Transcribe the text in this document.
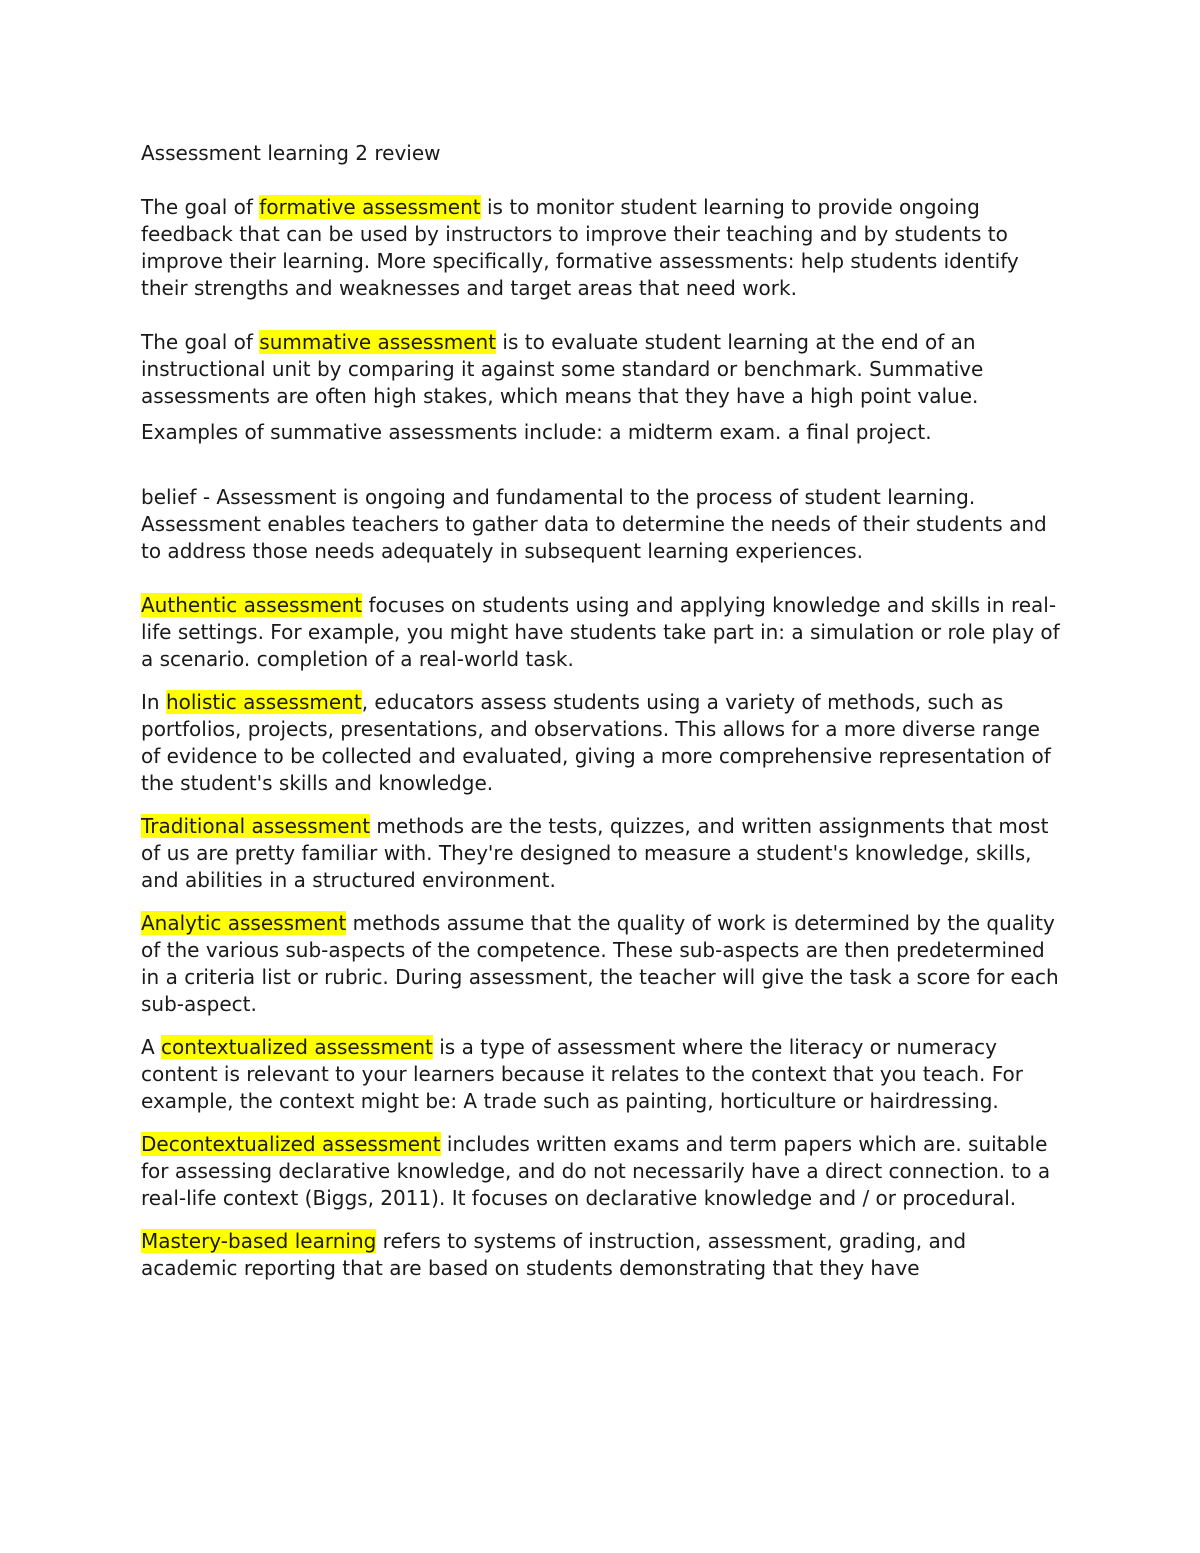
Assessment learning 2 review

The goal of formative assessment is to monitor student learning to provide ongoing feedback that can be used by instructors to improve their teaching and by students to improve their learning. More specifically, formative assessments: help students identify their strengths and weaknesses and target areas that need work.

The goal of summative assessment is to evaluate student learning at the end of an instructional unit by comparing it against some standard or benchmark. Summative assessments are often high stakes, which means that they have a high point value.

Examples of summative assessments include: a midterm exam. a final project.

belief - Assessment is ongoing and fundamental to the process of student learning. Assessment enables teachers to gather data to determine the needs of their students and to address those needs adequately in subsequent learning experiences.

Authentic assessment focuses on students using and applying knowledge and skills in real-life settings. For example, you might have students take part in: a simulation or role play of a scenario. completion of a real-world task.

In holistic assessment, educators assess students using a variety of methods, such as portfolios, projects, presentations, and observations. This allows for a more diverse range of evidence to be collected and evaluated, giving a more comprehensive representation of the student's skills and knowledge.

Traditional assessment methods are the tests, quizzes, and written assignments that most of us are pretty familiar with. They're designed to measure a student's knowledge, skills, and abilities in a structured environment.

Analytic assessment methods assume that the quality of work is determined by the quality of the various sub-aspects of the competence. These sub-aspects are then predetermined in a criteria list or rubric. During assessment, the teacher will give the task a score for each sub-aspect.

A contextualized assessment is a type of assessment where the literacy or numeracy content is relevant to your learners because it relates to the context that you teach. For example, the context might be: A trade such as painting, horticulture or hairdressing.

Decontextualized assessment includes written exams and term papers which are. suitable for assessing declarative knowledge, and do not necessarily have a direct connection. to a real-life context (Biggs, 2011). It focuses on declarative knowledge and / or procedural.

Mastery-based learning refers to systems of instruction, assessment, grading, and academic reporting that are based on students demonstrating that they have
